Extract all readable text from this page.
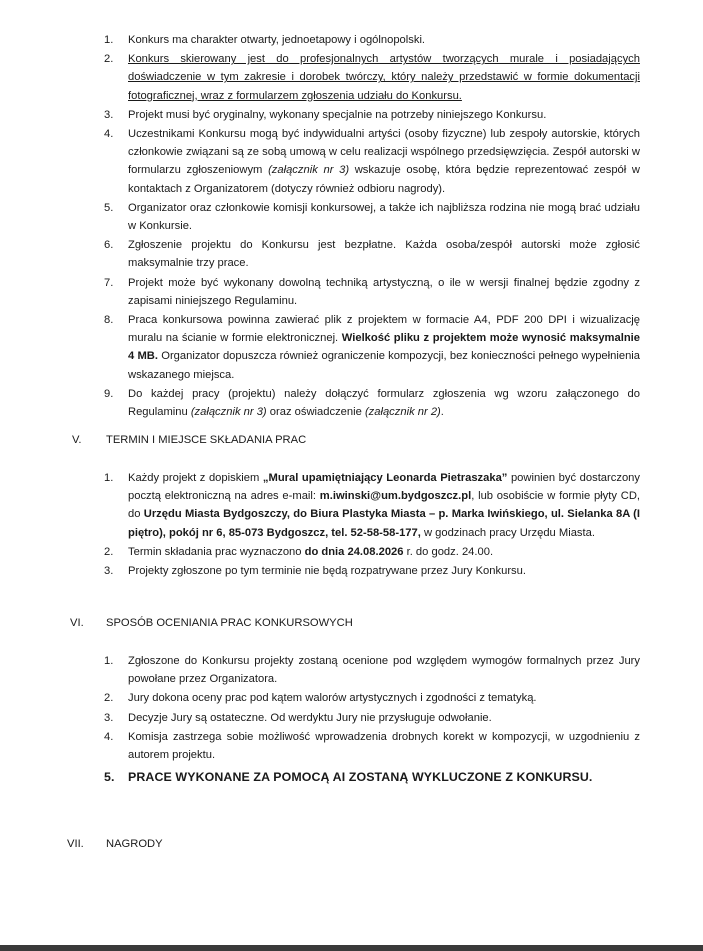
1. Konkurs ma charakter otwarty, jednoetapowy i ogólnopolski.
2. Konkurs skierowany jest do profesjonalnych artystów tworzących murale i posiadających doświadczenie w tym zakresie i dorobek twórczy, który należy przedstawić w formie dokumentacji fotograficznej, wraz z formularzem zgłoszenia udziału do Konkursu.
3. Projekt musi być oryginalny, wykonany specjalnie na potrzeby niniejszego Konkursu.
4. Uczestnikami Konkursu mogą być indywidualni artyści (osoby fizyczne) lub zespoły autorskie, których członkowie związani są ze sobą umową w celu realizacji wspólnego przedsięwzięcia. Zespół autorski w formularzu zgłoszeniowym (załącznik nr 3) wskazuje osobę, która będzie reprezentować zespół w kontaktach z Organizatorem (dotyczy również odbioru nagrody).
5. Organizator oraz członkowie komisji konkursowej, a także ich najbliższa rodzina nie mogą brać udziału w Konkursie.
6. Zgłoszenie projektu do Konkursu jest bezpłatne. Każda osoba/zespół autorski może zgłosić maksymalnie trzy prace.
7. Projekt może być wykonany dowolną techniką artystyczną, o ile w wersji finalnej będzie zgodny z zapisami niniejszego Regulaminu.
8. Praca konkursowa powinna zawierać plik z projektem w formacie A4, PDF 200 DPI i wizualizację muralu na ścianie w formie elektronicznej. Wielkość pliku z projektem może wynosić maksymalnie 4 MB. Organizator dopuszcza również ograniczenie kompozycji, bez konieczności pełnego wypełnienia wskazanego miejsca.
9. Do każdej pracy (projektu) należy dołączyć formularz zgłoszenia wg wzoru załączonego do Regulaminu (załącznik nr 3) oraz oświadczenie (załącznik nr 2).
V. TERMIN I MIEJSCE SKŁADANIA PRAC
1. Każdy projekt z dopiskiem „Mural upamiętniający Leonarda Pietraszaka” powinien być dostarczony pocztą elektroniczną na adres e-mail: m.iwinski@um.bydgoszcz.pl, lub osobiście w formie płyty CD, do Urzędu Miasta Bydgoszczy, do Biura Plastyka Miasta – p. Marka Iwińskiego, ul. Sielanka 8A (I piętro), pokój nr 6, 85-073 Bydgoszcz, tel. 52-58-58-177, w godzinach pracy Urzędu Miasta.
2. Termin składania prac wyznaczono do dnia 24.08.2026 r. do godz. 24.00.
3. Projekty zgłoszone po tym terminie nie będą rozpatrywane przez Jury Konkursu.
VI. SPOSÓB OCENIANIA PRAC KONKURSOWYCH
1. Zgłoszone do Konkursu projekty zostaną ocenione pod względem wymogów formalnych przez Jury powołane przez Organizatora.
2. Jury dokona oceny prac pod kątem walorów artystycznych i zgodności z tematyką.
3. Decyzje Jury są ostateczne. Od werdyktu Jury nie przysługuje odwołanie.
4. Komisja zastrzega sobie możliwość wprowadzenia drobnych korekt w kompozycji, w uzgodnieniu z autorem projektu.
5. PRACE WYKONANE ZA POMOCĄ AI ZOSTANĄ WYKLUCZONE Z KONKURSU.
VII. NAGRODY
